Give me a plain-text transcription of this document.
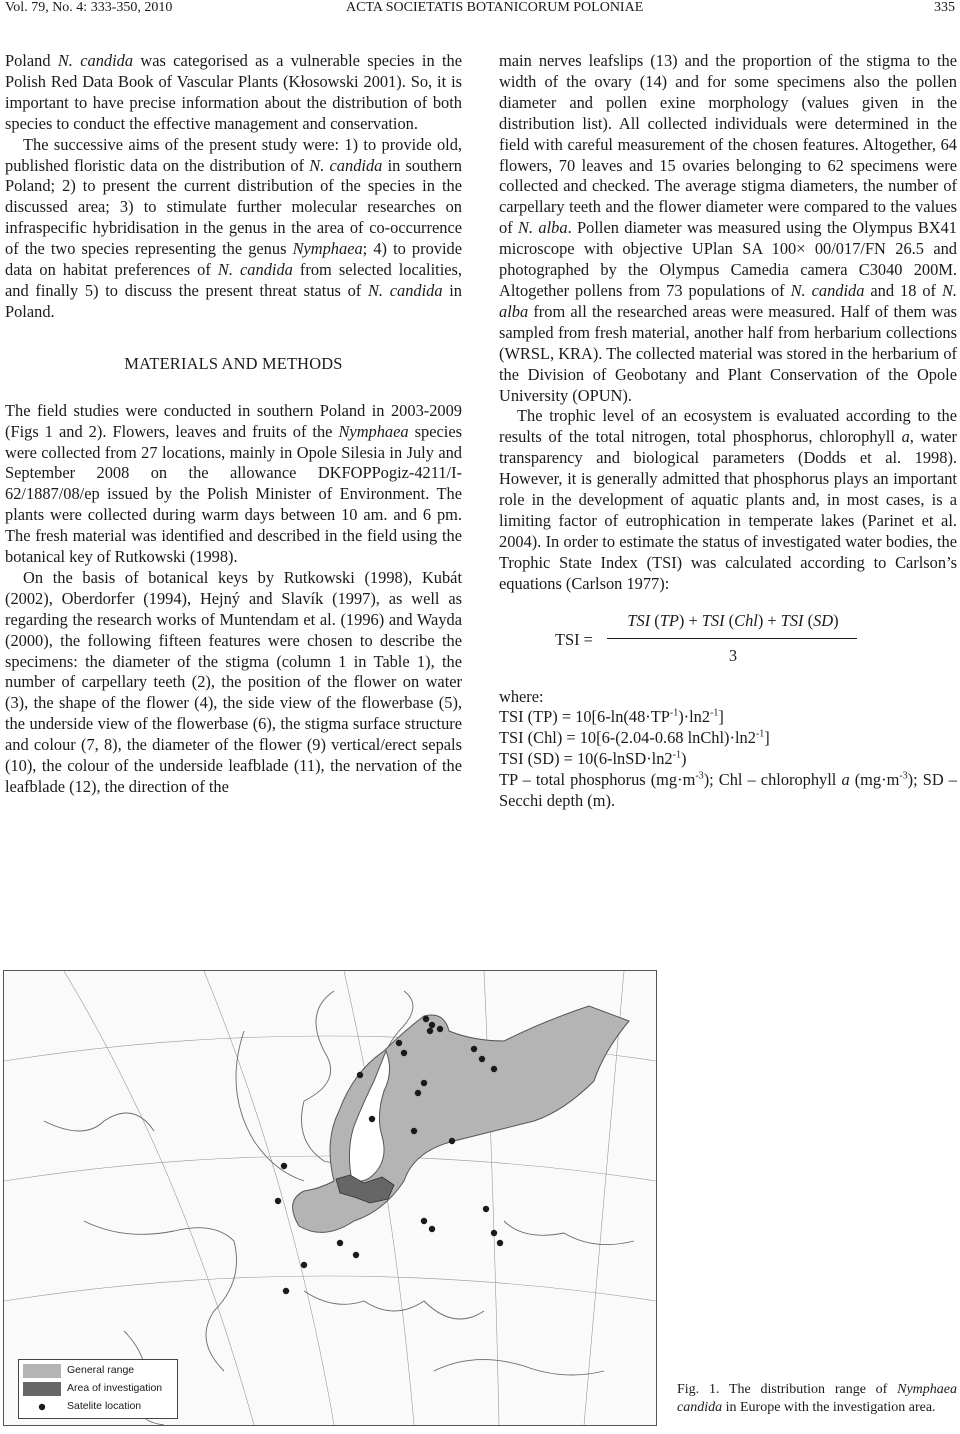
Vol. 79, No. 4: 333-350, 2010	ACTA SOCIETATIS BOTANICORUM POLONIAE	335

Poland N. candida was categorised as a vulnerable species in the Polish Red Data Book of Vascular Plants (Kłosowski 2001). So, it is important to have precise information about the distribution of both species to conduct the effective management and conservation.

The successive aims of the present study were: 1) to provide old, published floristic data on the distribution of N. candida in southern Poland; 2) to present the current distribution of the species in the discussed area; 3) to stimulate further molecular researches on infraspecific hybridisation in the genus in the area of co-occurrence of the two species representing the genus Nymphaea; 4) to provide data on habitat preferences of N. candida from selected localities, and finally 5) to discuss the present threat status of N. candida in Poland.

MATERIALS AND METHODS

The field studies were conducted in southern Poland in 2003-2009 (Figs 1 and 2). Flowers, leaves and fruits of the Nymphaea species were collected from 27 locations, mainly in Opole Silesia in July and September 2008 on the allowance DKFOPPogiz-4211/I-62/1887/08/ep issued by the Polish Minister of Environment. The plants were collected during warm days between 10 am. and 6 pm. The fresh material was identified and described in the field using the botanical key of Rutkowski (1998).

On the basis of botanical keys by Rutkowski (1998), Kubát (2002), Oberdorfer (1994), Hejný and Slavík (1997), as well as regarding the research works of Muntendam et al. (1996) and Wayda (2000), the following fifteen features were chosen to describe the specimens: the diameter of the stigma (column 1 in Table 1), the number of carpellary teeth (2), the position of the flower on water (3), the shape of the flower (4), the side view of the flowerbase (5), the underside view of the flowerbase (6), the stigma surface structure and colour (7, 8), the diameter of the flower (9) vertical/erect sepals (10), the colour of the underside leafblade (11), the nervation of the leafblade (12), the direction of the

main nerves leafslips (13) and the proportion of the stigma to the width of the ovary (14) and for some specimens also the pollen diameter and pollen exine morphology (values given in the distribution list). All collected individuals were determined in the field with careful measurement of the chosen features. Altogether, 64 flowers, 70 leaves and 15 ovaries belonging to 62 specimens were collected and checked. The average stigma diameters, the number of carpellary teeth and the flower diameter were compared to the values of N. alba. Pollen diameter was measured using the Olympus BX41 microscope with objective UPlan SA 100× 00/017/FN 26.5 and photographed by the Olympus Camedia camera C3040 200M. Altogether pollens from 73 populations of N. candida and 18 of N. alba from all the researched areas were measured. Half of them was sampled from fresh material, another half from herbarium collections (WRSL, KRA). The collected material was stored in the herbarium of the Division of Geobotany and Plant Conservation of the Opole University (OPUN).

The trophic level of an ecosystem is evaluated according to the results of the total nitrogen, total phosphorus, chlorophyll a, water transparency and biological parameters (Dodds et al. 1998). However, it is generally admitted that phosphorus plays an important role in the development of aquatic plants and, in most cases, is a limiting factor of eutrophication in temperate lakes (Parinet et al. 2004). In order to estimate the status of investigated water bodies, the Trophic State Index (TSI) was calculated according to Carlson’s equations (Carlson 1977):

TSI =
TSI (TP) + TSI (Chl) + TSI (SD)
3
where:
TSI $(TP) = 10[6-\ln(48\cdot TP^{-1})\cdot\ln 2^{-1}]$
TSI (Chl) = 10[6-(2.04-0.68 $lnChl)\cdot\ln 2^{-1}$]
TSI $(SD) = 10(6-lnSD\cdot\ln 2^{-1})$
TP – total phosphorus $(mg\cdot m^{-3})$; Chl – chlorophyll a $(mg\cdot m^{-3})$; SD – Secchi depth (m).
General range
Area of investigation
Satelite location
Fig. 1. The distribution range of Nymphaea candida in Europe with the investigation area.
